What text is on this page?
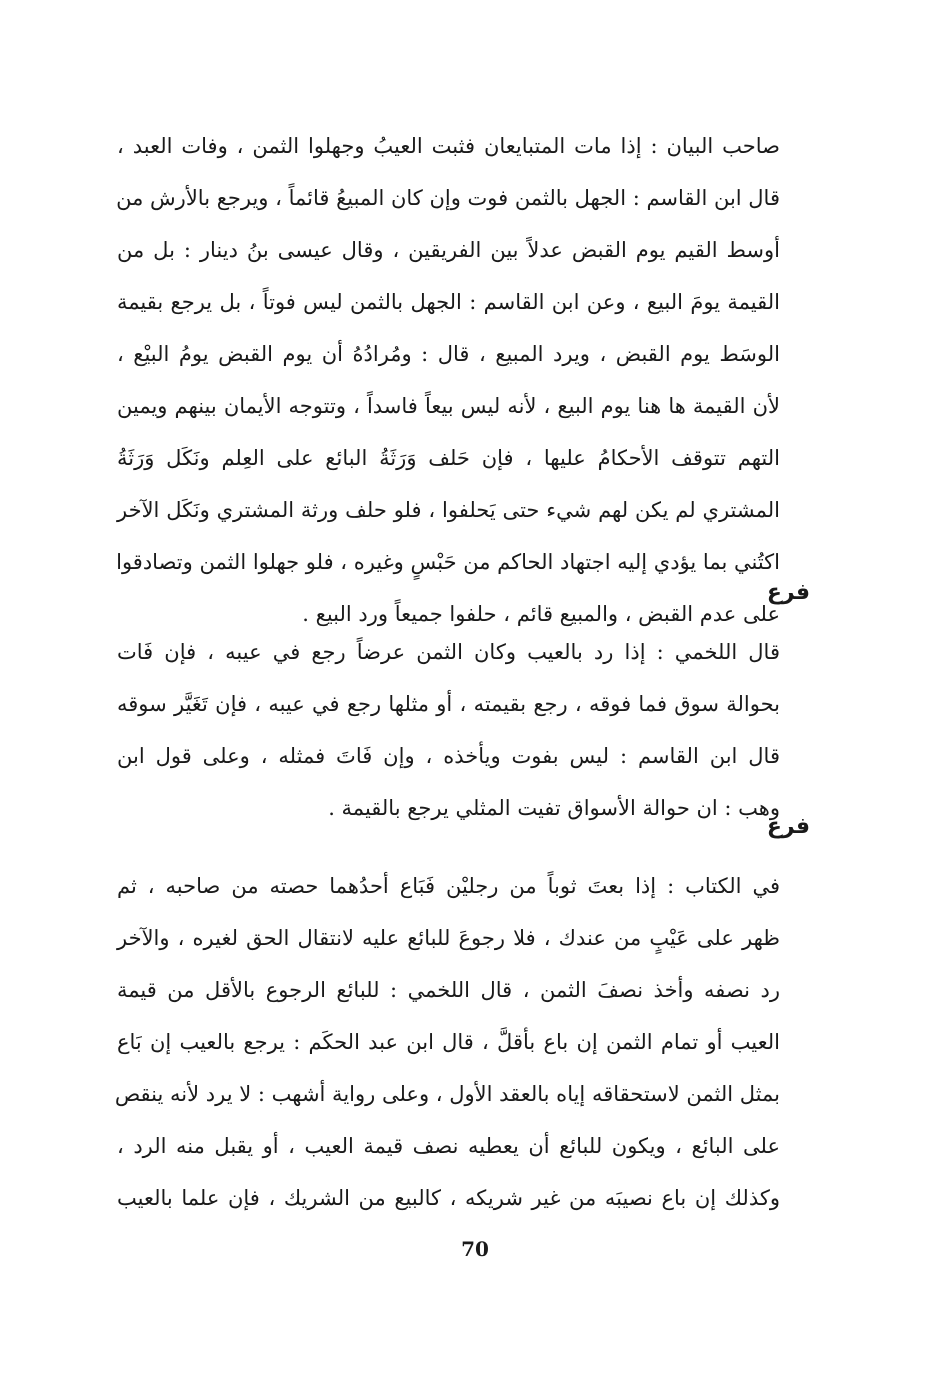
صاحب البيان : إذا مات المتبايعان فثبت العيبُ وجهلوا الثمن ، وفات العبد ،
قال ابن القاسم : الجهل بالثمن فوت وإن كان المبيعُ قائماً ، ويرجع بالأرش من
أوسط القيم يوم القبض عدلاً بين الفريقين ، وقال عيسى بنُ دينار : بل من
القيمة يومَ البيع ، وعن ابن القاسم : الجهل بالثمن ليس فوتاً ، بل يرجع بقيمة
الوسَط يوم القبض ، ويرد المبيع ، قال : ومُرادُهُ أن يوم القبض يومُ البيْع ،
لأن القيمة ها هنا يوم البيع ، لأنه ليس بيعاً فاسداً ، وتتوجه الأيمان بينهم ويمين
التهم تتوقف الأحكامُ عليها ، فإن حَلف وَرَثَةُ البائع على العِلم ونَكَل وَرَثَةُ
المشتري لم يكن لهم شيء حتى يَحلفوا ، فلو حلف ورثة المشتري ونَكَل الآخر
اكتُني بما يؤدي إليه اجتهاد الحاكم من حَبْسٍ وغيره ، فلو جهلوا الثمن وتصادقوا
على عدم القبض ، والمبيع قائم ، حلفوا جميعاً ورد البيع .
فرع
قال اللخمي : إذا رد بالعيب وكان الثمن عرضاً رجع في عيبه ، فإن فَات
بحوالة سوق فما فوقه ، رجع بقيمته ، أو مثلها رجع في عيبه ، فإن تَغَيَّر سوقه
قال ابن القاسم : ليس بفوت ويأخذه ، وإن فَاتَ فمثله ، وعلى قول ابن
وهب : ان حوالة الأسواق تفيت المثلي يرجع بالقيمة .
فرع
في الكتاب : إذا بعتَ ثوباً من رجليْن فَبَاع أحدُهما حصته من صاحبه ، ثم
ظهر على عَيْبٍ من عندك ، فلا رجوعَ للبائع عليه لانتقال الحق لغيره ، والآخر
رد نصفه وأخذ نصفَ الثمن ، قال اللخمي : للبائع الرجوع بالأقل من قيمة
العيب أو تمام الثمن إن باع بأقلَّ ، قال ابن عبد الحكَم : يرجع بالعيب إن بَاع
بمثل الثمن لاستحقاقه إياه بالعقد الأول ، وعلى رواية أشهب : لا يرد لأنه ينقص
على البائع ، ويكون للبائع أن يعطيه نصف قيمة العيب ، أو يقبل منه الرد ،
وكذلك إن باع نصيبَه من غير شريكه ، كالبيع من الشريك ، فإن علما بالعيب
70
